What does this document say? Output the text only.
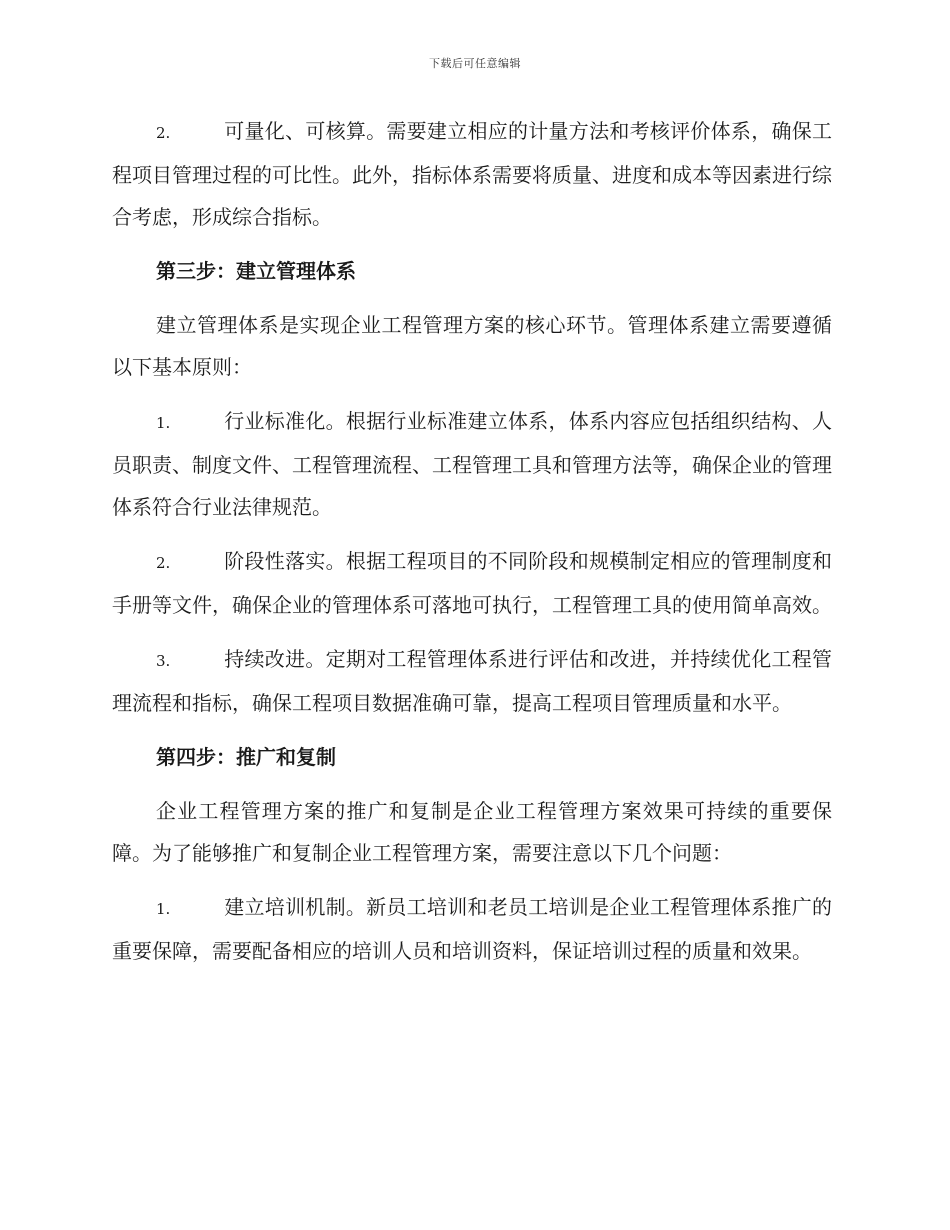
下载后可任意编辑

2.	可量化、可核算。需要建立相应的计量方法和考核评价体系，确保工程项目管理过程的可比性。此外，指标体系需要将质量、进度和成本等因素进行综合考虑，形成综合指标。

第三步：建立管理体系

建立管理体系是实现企业工程管理方案的核心环节。管理体系建立需要遵循以下基本原则：

1.	行业标准化。根据行业标准建立体系，体系内容应包括组织结构、人员职责、制度文件、工程管理流程、工程管理工具和管理方法等，确保企业的管理体系符合行业法律规范。

2.	阶段性落实。根据工程项目的不同阶段和规模制定相应的管理制度和手册等文件，确保企业的管理体系可落地可执行，工程管理工具的使用简单高效。

3.	持续改进。定期对工程管理体系进行评估和改进，并持续优化工程管理流程和指标，确保工程项目数据准确可靠，提高工程项目管理质量和水平。

第四步：推广和复制

企业工程管理方案的推广和复制是企业工程管理方案效果可持续的重要保障。为了能够推广和复制企业工程管理方案，需要注意以下几个问题：

1.	建立培训机制。新员工培训和老员工培训是企业工程管理体系推广的重要保障，需要配备相应的培训人员和培训资料，保证培训过程的质量和效果。
